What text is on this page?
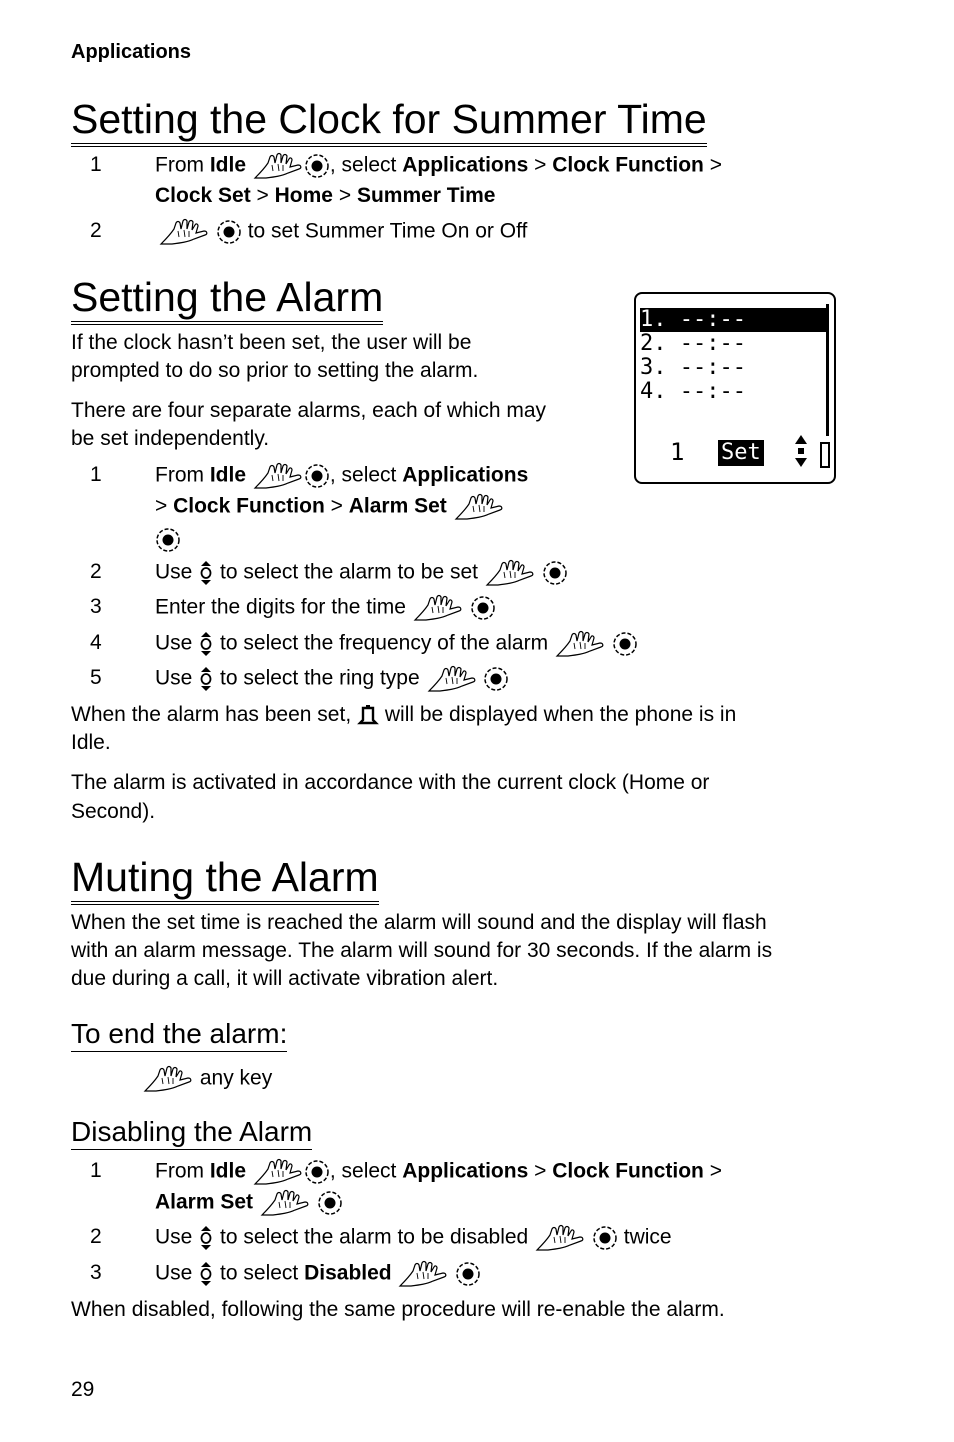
Applications
Setting the Clock for Summer Time
1	From Idle	, select Applications > Clock Function >
Clock Set > Home > Summer Time
2	to set Summer Time On or Off
Setting the Alarm
If the clock hasn’t been set, the user will be
prompted to do so prior to setting the alarm.
There are four separate alarms, each of which may
be set independently.
1. --:--
2. --:--
3. --:--
4. --:--
1 Set
1	From Idle	, select Applications
> Clock Function > Alarm Set
2	Use to select the alarm to be set
3	Enter the digits for the time
4	Use to select the frequency of the alarm
5	Use to select the ring type
When the alarm has been set, will be displayed when the phone is in
Idle.
The alarm is activated in accordance with the current clock (Home or
Second).
Muting the Alarm
When the set time is reached the alarm will sound and the display will flash
with an alarm message. The alarm will sound for 30 seconds. If the alarm is
due during a call, it will activate vibration alert.
To end the alarm:
any key
Disabling the Alarm
1	From Idle	, select Applications > Clock Function >
Alarm Set
2	Use to select the alarm to be disabled	twice
3	Use to select Disabled
When disabled, following the same procedure will re-enable the alarm.
29
